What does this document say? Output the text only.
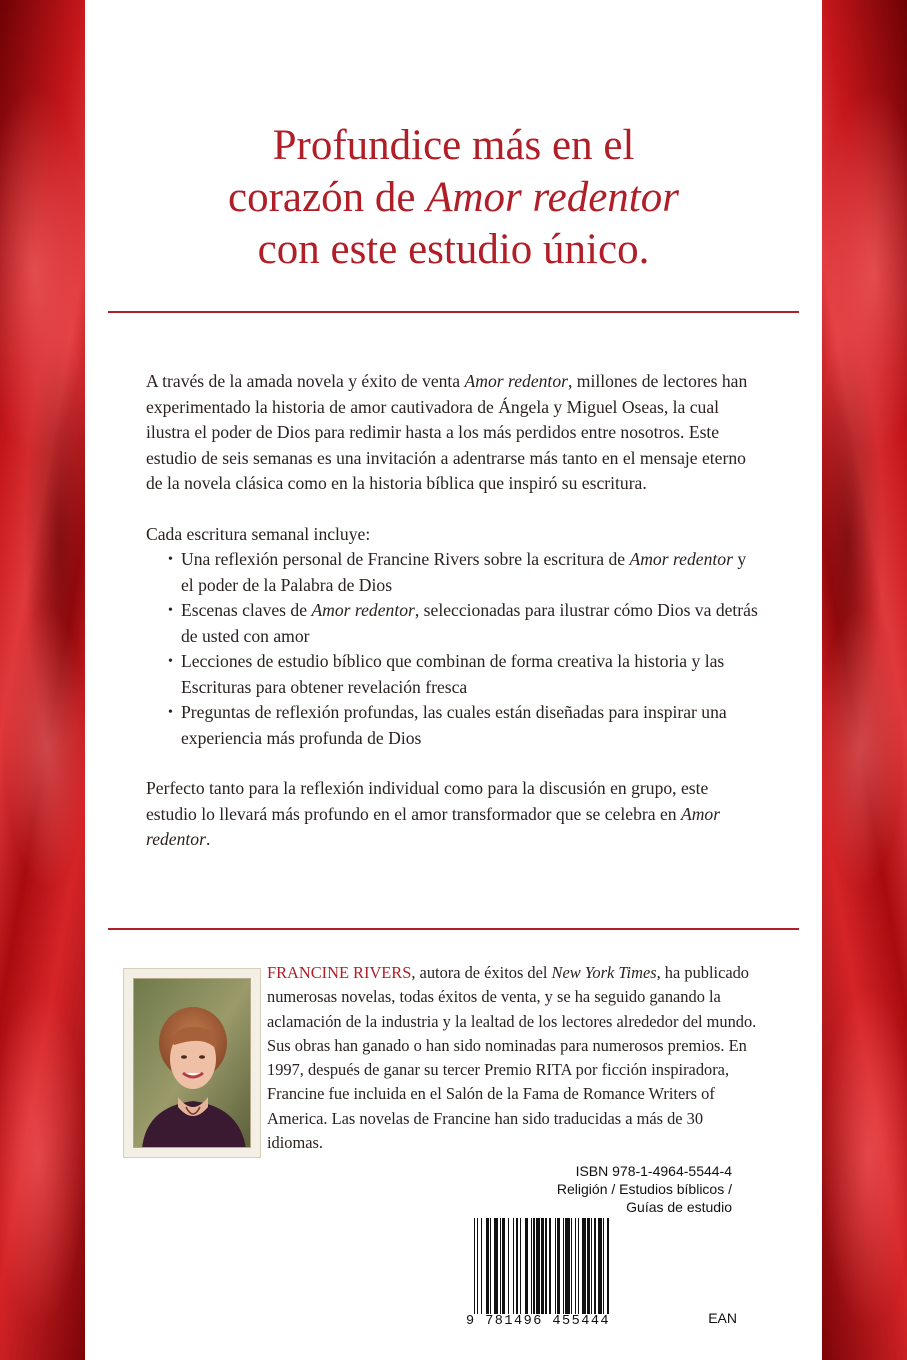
Profundice más en el
corazón de Amor redentor
con este estudio único.

A través de la amada novela y éxito de venta Amor redentor, millones de lectores han experimentado la historia de amor cautivadora de Ángela y Miguel Oseas, la cual ilustra el poder de Dios para redimir hasta a los más perdidos entre nosotros. Este estudio de seis semanas es una invitación a adentrarse más tanto en el mensaje eterno de la novela clásica como en la historia bíblica que inspiró su escritura.

Cada escritura semanal incluye:

• Una reflexión personal de Francine Rivers sobre la escritura de Amor redentor y el poder de la Palabra de Dios
• Escenas claves de Amor redentor, seleccionadas para ilustrar cómo Dios va detrás de usted con amor
• Lecciones de estudio bíblico que combinan de forma creativa la historia y las Escrituras para obtener revelación fresca
• Preguntas de reflexión profundas, las cuales están diseñadas para inspirar una experiencia más profunda de Dios

Perfecto tanto para la reflexión individual como para la discusión en grupo, este estudio lo llevará más profundo en el amor transformador que se celebra en Amor redentor.

FRANCINE RIVERS, autora de éxitos del New York Times, ha publicado numerosas novelas, todas éxitos de venta, y se ha seguido ganando la aclamación de la industria y la lealtad de los lectores alrededor del mundo. Sus obras han ganado o han sido nominadas para numerosos premios. En 1997, después de ganar su tercer Premio RITA por ficción inspiradora, Francine fue incluida en el Salón de la Fama de Romance Writers of America. Las novelas de Francine han sido traducidas a más de 30 idiomas.
ISBN 978-1-4964-5544-4
Religión / Estudios bíblicos /
Guías de estudio
9 781496 455444	EAN
